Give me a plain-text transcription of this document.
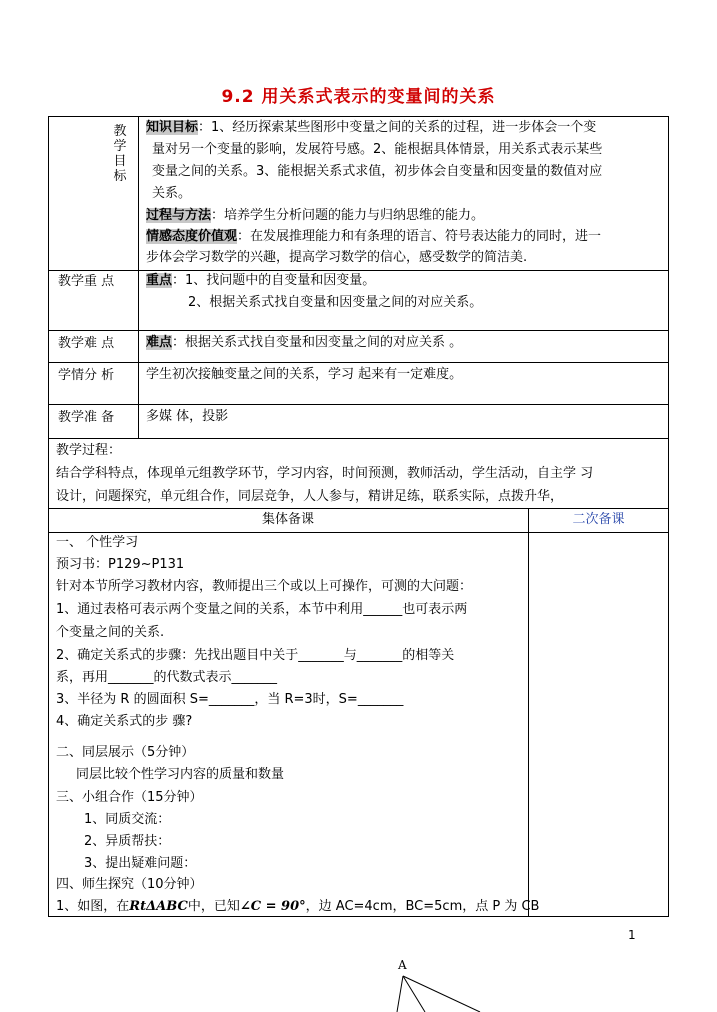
9.2 用关系式表示的变量间的关系
教学目标
知识目标：1、经历探索某些图形中变量之间的关系的过程，进一步体会一个变
量对另一个变量的影响，发展符号感。2、能根据具体情景，用关系式表示某些
变量之间的关系。3、能根据关系式求值，初步体会自变量和因变量的数值对应
关系。
过程与方法：培养学生分析问题的能力与归纳思维的能力。
情感态度价值观：在发展推理能力和有条理的语言、符号表达能力的同时，进一
步体会学习数学的兴趣，提高学习数学的信心，感受数学的简洁美.
教学重 点 重点：1、找问题中的自变量和因变量。
2、根据关系式找自变量和因变量之间的对应关系。
教学难 点 难点：根据关系式找自变量和因变量之间的对应关系 。
学情分 析 学生初次接触变量之间的关系，学习 起来有一定难度。
教学准 备 多媒 体，投影
教学过程：
结合学科特点，体现单元组教学环节，学习内容，时间预测，教师活动，学生活动，自主学 习
设计，问题探究，单元组合作，同层竞争，人人参与，精讲足练，联系实际，点拨升华，
集体备课	二次备课
一、 个性学习
预习书：P129~P131
针对本节所学习教材内容，教师提出三个或以上可操作，可测的大问题：
1、通过表格可表示两个变量之间的关系，本节中利用______也可表示两
个变量之间的关系.
2、确定关系式的步骤：先找出题目中关于_______与_______的相等关
系，再用_______的代数式表示_______
3、半径为 R 的圆面积 S=_______，当 R=3时，S=_______
4、确定关系式的步 骤?
二、同层展示（5分钟）
同层比较个性学习内容的质量和数量
三、小组合作（15分钟）
1、同质交流：
2、异质帮扶：
3、提出疑难问题：
四、师生探究（10分钟）
1、如图，在RtΔABC中，已知∠C = 90°，边 AC=4cm，BC=5cm，点 P 为 CB
1
A
